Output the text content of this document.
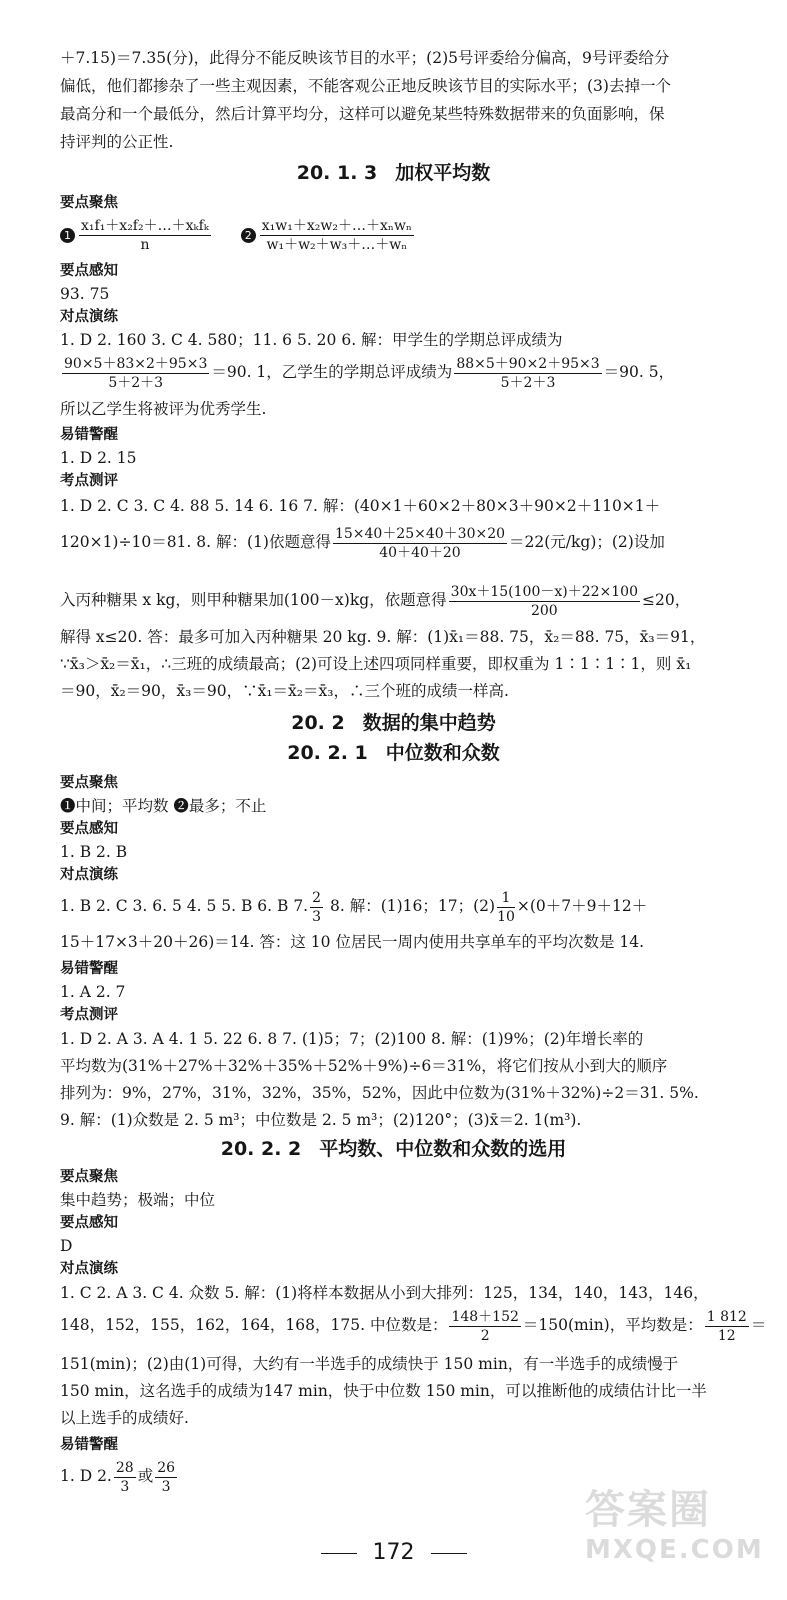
＋7.15)＝7.35(分)，此得分不能反映该节目的水平；(2)5号评委给分偏高，9号评委给分
偏低，他们都掺杂了一些主观因素，不能客观公正地反映该节目的实际水平；(3)去掉一个
最高分和一个最低分，然后计算平均分，这样可以避免某些特殊数据带来的负面影响，保
持评判的公正性.
20. 1. 3 加权平均数
要点聚焦
$1 \frac{\text{x₁f₁＋x₂f₂＋…＋xₖfₖ}}{n}$	$2 \frac{\text{x₁w₁＋x₂w₂＋…＋xₙwₙ}}{\text{w₁＋w₂＋w₃＋…＋wₙ}}$
要点感知
93. 75
对点演练
1. D 2. 160 3. C 4. 580；11. 6 5. 20 6. 解：甲学生的学期总评成绩为
$\frac{90\times 5+83\times 2+95\times 3}{5+2+3} =90$. 1，乙学生的学期总评成绩为 $\frac{88\times 5+90\times 2+95\times 3}{5+2+3} =90$. 5，
所以乙学生将被评为优秀学生.
易错警醒
1. D 2. 15
考点测评
1. D 2. C 3. C 4. 88 5. 14 6. 16 7. 解：(40×1＋60×2＋80×3＋90×2＋110×1＋
120×1)÷10＝81. 8. 解：(1)依题意得 $\frac{15\times 40+25\times 40+30\times 20}{40+40+20} =22$(元/kg)；(2)设加
入丙种糖果 x kg，则甲种糖果加(100－x)kg，依题意得 $\frac{30x+15(100-x)+22\times 100}{200} \le 20$，
解得 x≤20. 答：最多可加入丙种糖果 20 kg. 9. 解：(1)x̄₁＝88. 75，x̄₂＝88. 75，x̄₃＝91，
∵x̄₃＞x̄₂＝x̄₁，∴三班的成绩最高；(2)可设上述四项同样重要，即权重为 1∶1∶1∶1，则 x̄₁
＝90，x̄₂＝90，x̄₃＝90，∵x̄₁＝x̄₂＝x̄₃，∴三个班的成绩一样高.
20. 2 数据的集中趋势
20. 2. 1 中位数和众数
要点聚焦
❶中间；平均数 ❷最多；不止
要点感知
1. B 2. B
对点演练
1. B 2. C 3. 6. 5 4. 5 5. B 6. B 7. $\frac{2}{3} 8$. 解：(1)16；17；$(2) \frac{1}{10} \times(0+7+9+12+$
15＋17×3＋20＋26)＝14. 答：这 10 位居民一周内使用共享单车的平均次数是 14.
易错警醒
1. A 2. 7
考点测评
1. D 2. A 3. A 4. 1 5. 22 6. 8 7. (1)5；7；(2)100 8. 解：(1)9%；(2)年增长率的
平均数为(31%＋27%＋32%＋35%＋52%＋9%)÷6＝31%，将它们按从小到大的顺序
排列为：9%，27%，31%，32%，35%，52%，因此中位数为(31%＋32%)÷2＝31. 5%.
9. 解：(1)众数是 2. 5 m³；中位数是 2. 5 m³；(2)120°；(3)x̄＝2. 1(m³).
20. 2. 2 平均数、中位数和众数的选用
要点聚焦
集中趋势；极端；中位
要点感知
D
对点演练
1. C 2. A 3. C 4. 众数 5. 解：(1)将样本数据从小到大排列：125，134，140，143，146，
148，152，155，162，164，168，175. 中位数是： $\frac{148+152}{2} =150(\min)$，平均数是： $\frac{1 812}{12}$ ＝
151(min)；(2)由(1)可得，大约有一半选手的成绩快于 150 min，有一半选手的成绩慢于
150 min，这名选手的成绩为147 min，快于中位数 150 min，可以推断他的成绩估计比一半
以上选手的成绩好.
易错警醒
1. D 2. $\frac{28}{3}$ 或 $\frac{26}{3}$
172
答案圈
MXQE.COM
